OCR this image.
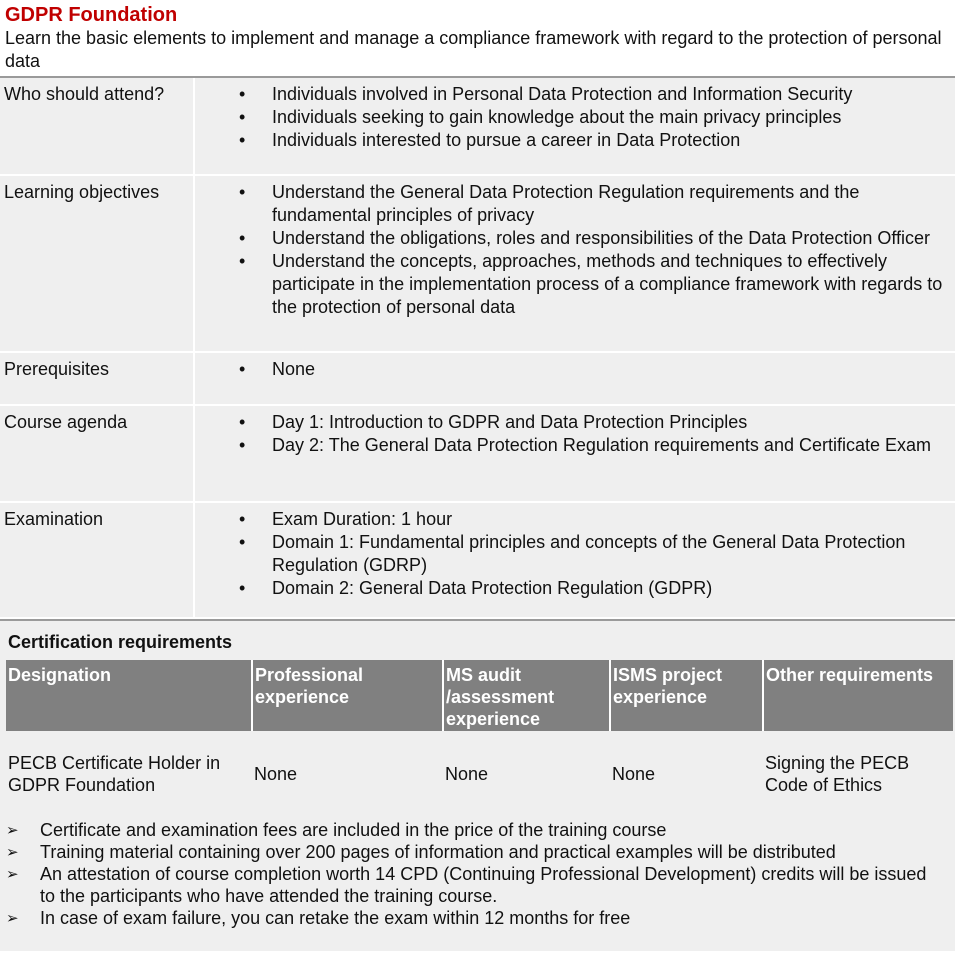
GDPR Foundation
Learn the basic elements to implement and manage a compliance framework with regard to the protection of personal data
Who should attend?	• Individuals involved in Personal Data Protection and Information Security
• Individuals seeking to gain knowledge about the main privacy principles
• Individuals interested to pursue a career in Data Protection
Learning objectives	• Understand the General Data Protection Regulation requirements and the fundamental principles of privacy
• Understand the obligations, roles and responsibilities of the Data Protection Officer
• Understand the concepts, approaches, methods and techniques to effectively participate in the implementation process of a compliance framework with regards to the protection of personal data
Prerequisites	• None
Course agenda	• Day 1: Introduction to GDPR and Data Protection Principles
• Day 2: The General Data Protection Regulation requirements and Certificate Exam
Examination	• Exam Duration: 1 hour
• Domain 1: Fundamental principles and concepts of the General Data Protection Regulation (GDRP)
• Domain 2: General Data Protection Regulation (GDPR)
Certification requirements
Designation	Professional experience	MS audit /assessment experience	ISMS project experience	Other requirements
PECB Certificate Holder in GDPR Foundation	None	None	None	Signing the PECB Code of Ethics
➢ Certificate and examination fees are included in the price of the training course
➢ Training material containing over 200 pages of information and practical examples will be distributed
➢ An attestation of course completion worth 14 CPD (Continuing Professional Development) credits will be issued to the participants who have attended the training course.
➢ In case of exam failure, you can retake the exam within 12 months for free
